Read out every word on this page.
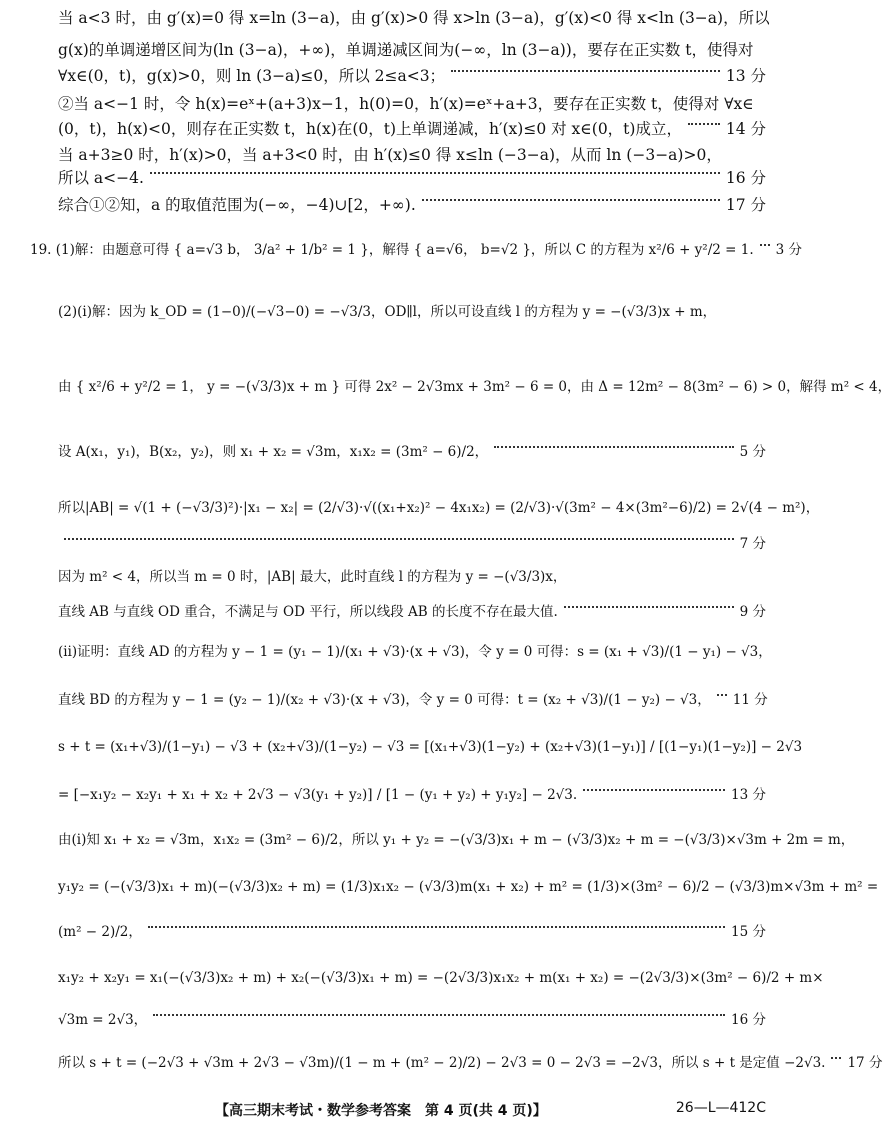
当 a<3 时，由 g′(x)=0 得 x=ln (3−a)，由 g′(x)>0 得 x>ln (3−a)，g′(x)<0 得 x<ln (3−a)，所以
g(x)的单调递增区间为(ln (3−a)，+∞)，单调递减区间为(−∞，ln (3−a))，要存在正实数 t，使得对
∀x∈(0，t)，g(x)>0，则 ln (3−a)≤0，所以 2≤a<3；	13 分
②当 a<−1 时，令 h(x)=eˣ+(a+3)x−1，h(0)=0，h′(x)=eˣ+a+3，要存在正实数 t，使得对 ∀x∈
(0，t)，h(x)<0，则存在正实数 t，h(x)在(0，t)上单调递减，h′(x)≤0 对 x∈(0，t)成立，	14 分
当 a+3≥0 时，h′(x)>0，当 a+3<0 时，由 h′(x)≤0 得 x≤ln (−3−a)，从而 ln (−3−a)>0，
所以 a<−4.	16 分
综合①②知，a 的取值范围为(−∞，−4)∪[2，+∞).	17 分
19. (1)解：由题意可得 { a=√3 b， 3/a² + 1/b² = 1 }，解得 { a=√6， b=√2 }，所以 C 的方程为 x²/6 + y²/2 = 1. 3 分
(2)(ⅰ)解：因为 k_OD = (1−0)/(−√3−0) = −√3/3，OD∥l，所以可设直线 l 的方程为 y = −(√3/3)x + m，
由 { x²/6 + y²/2 = 1， y = −(√3/3)x + m } 可得 2x² − 2√3mx + 3m² − 6 = 0，由 Δ = 12m² − 8(3m² − 6) > 0，解得 m² < 4，
设 A(x₁，y₁)，B(x₂，y₂)，则 x₁ + x₂ = √3m，x₁x₂ = (3m² − 6)/2，	5 分
所以|AB| = √(1 + (−√3/3)²)·|x₁ − x₂| = (2/√3)·√((x₁+x₂)² − 4x₁x₂) = (2/√3)·√(3m² − 4×(3m²−6)/2) = 2√(4 − m²)，
7 分
因为 m² < 4，所以当 m = 0 时，|AB| 最大，此时直线 l 的方程为 y = −(√3/3)x，
直线 AB 与直线 OD 重合，不满足与 OD 平行，所以线段 AB 的长度不存在最大值.	9 分
(ⅱ)证明：直线 AD 的方程为 y − 1 = (y₁ − 1)/(x₁ + √3)·(x + √3)，令 y = 0 可得：s = (x₁ + √3)/(1 − y₁) − √3，
直线 BD 的方程为 y − 1 = (y₂ − 1)/(x₂ + √3)·(x + √3)，令 y = 0 可得：t = (x₂ + √3)/(1 − y₂) − √3， 11 分
s + t = (x₁+√3)/(1−y₁) − √3 + (x₂+√3)/(1−y₂) − √3 = [(x₁+√3)(1−y₂) + (x₂+√3)(1−y₁)] / [(1−y₁)(1−y₂)] − 2√3
= [−x₁y₂ − x₂y₁ + x₁ + x₂ + 2√3 − √3(y₁ + y₂)] / [1 − (y₁ + y₂) + y₁y₂] − 2√3.	13 分
由(ⅰ)知 x₁ + x₂ = √3m，x₁x₂ = (3m² − 6)/2，所以 y₁ + y₂ = −(√3/3)x₁ + m − (√3/3)x₂ + m = −(√3/3)×√3m + 2m = m，
y₁y₂ = (−(√3/3)x₁ + m)(−(√3/3)x₂ + m) = (1/3)x₁x₂ − (√3/3)m(x₁ + x₂) + m² = (1/3)×(3m² − 6)/2 − (√3/3)m×√3m + m² =
(m² − 2)/2，	15 分
x₁y₂ + x₂y₁ = x₁(−(√3/3)x₂ + m) + x₂(−(√3/3)x₁ + m) = −(2√3/3)x₁x₂ + m(x₁ + x₂) = −(2√3/3)×(3m² − 6)/2 + m×
√3m = 2√3，	16 分
所以 s + t = (−2√3 + √3m + 2√3 − √3m)/(1 − m + (m² − 2)/2) − 2√3 = 0 − 2√3 = −2√3，所以 s + t 是定值 −2√3. 17 分
【高三期末考试・数学参考答案　第 4 页(共 4 页)】	26—L—412C
